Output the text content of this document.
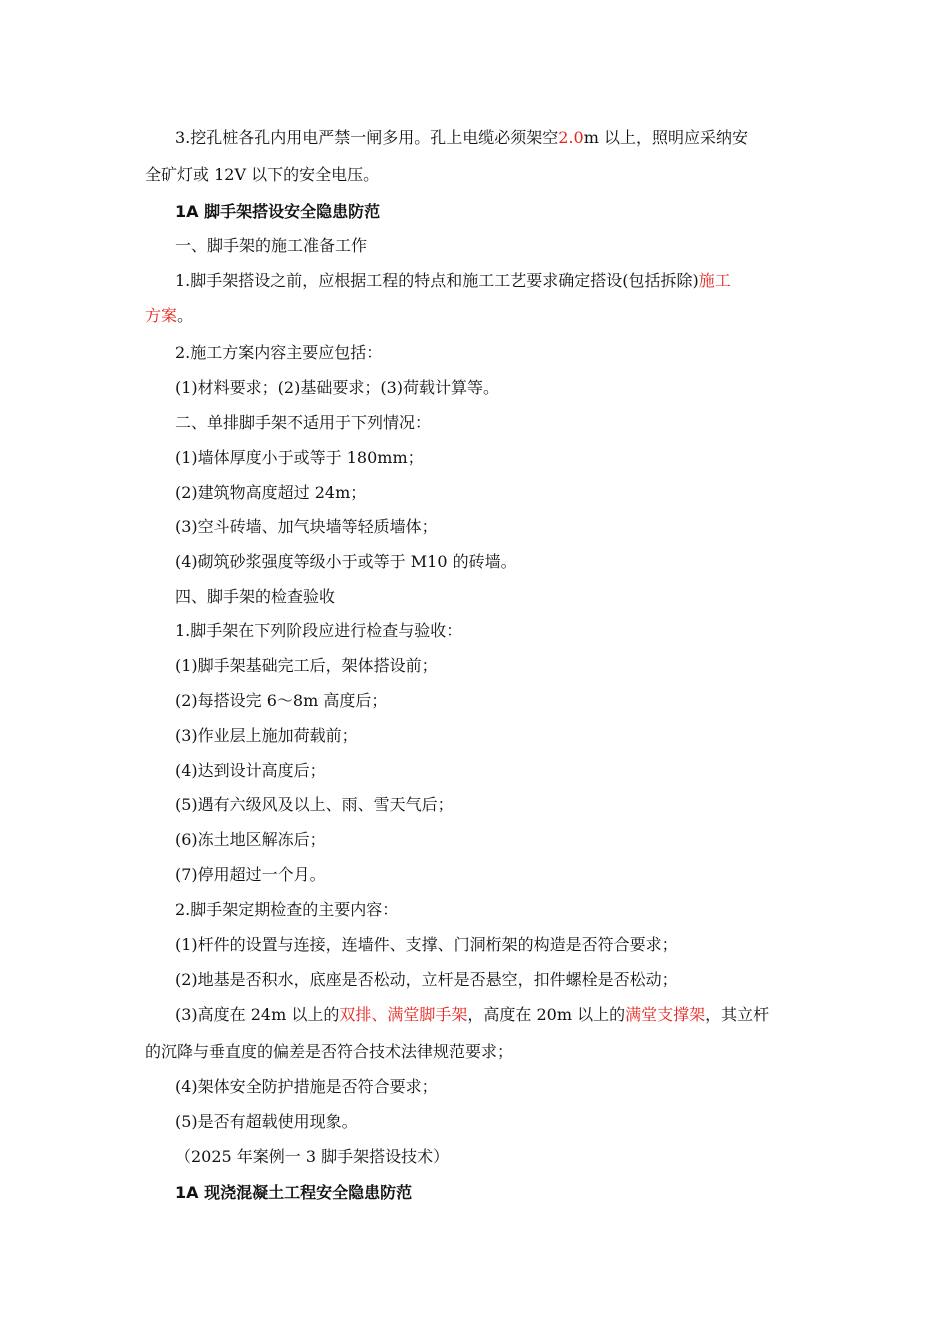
3.挖孔桩各孔内用电严禁一闸多用。孔上电缆必须架空2.0m 以上，照明应采纳安
全矿灯或 12V 以下的安全电压。
1A 脚手架搭设安全隐患防范
一、脚手架的施工准备工作
1.脚手架搭设之前，应根据工程的特点和施工工艺要求确定搭设(包括拆除)施工
方案。
2.施工方案内容主要应包括：
(1)材料要求；(2)基础要求；(3)荷载计算等。
二、单排脚手架不适用于下列情况：
(1)墙体厚度小于或等于 180mm；
(2)建筑物高度超过 24m；
(3)空斗砖墙、加气块墙等轻质墙体；
(4)砌筑砂浆强度等级小于或等于 M10 的砖墙。
四、脚手架的检查验收
1.脚手架在下列阶段应进行检查与验收：
(1)脚手架基础完工后，架体搭设前；
(2)每搭设完 6～8m 高度后；
(3)作业层上施加荷载前；
(4)达到设计高度后；
(5)遇有六级风及以上、雨、雪天气后；
(6)冻土地区解冻后；
(7)停用超过一个月。
2.脚手架定期检查的主要内容：
(1)杆件的设置与连接，连墙件、支撑、门洞桁架的构造是否符合要求；
(2)地基是否积水，底座是否松动，立杆是否悬空，扣件螺栓是否松动；
(3)高度在 24m 以上的双排、满堂脚手架，高度在 20m 以上的满堂支撑架，其立杆
的沉降与垂直度的偏差是否符合技术法律规范要求；
(4)架体安全防护措施是否符合要求；
(5)是否有超载使用现象。
（2025 年案例一 3 脚手架搭设技术）
1A 现浇混凝土工程安全隐患防范
